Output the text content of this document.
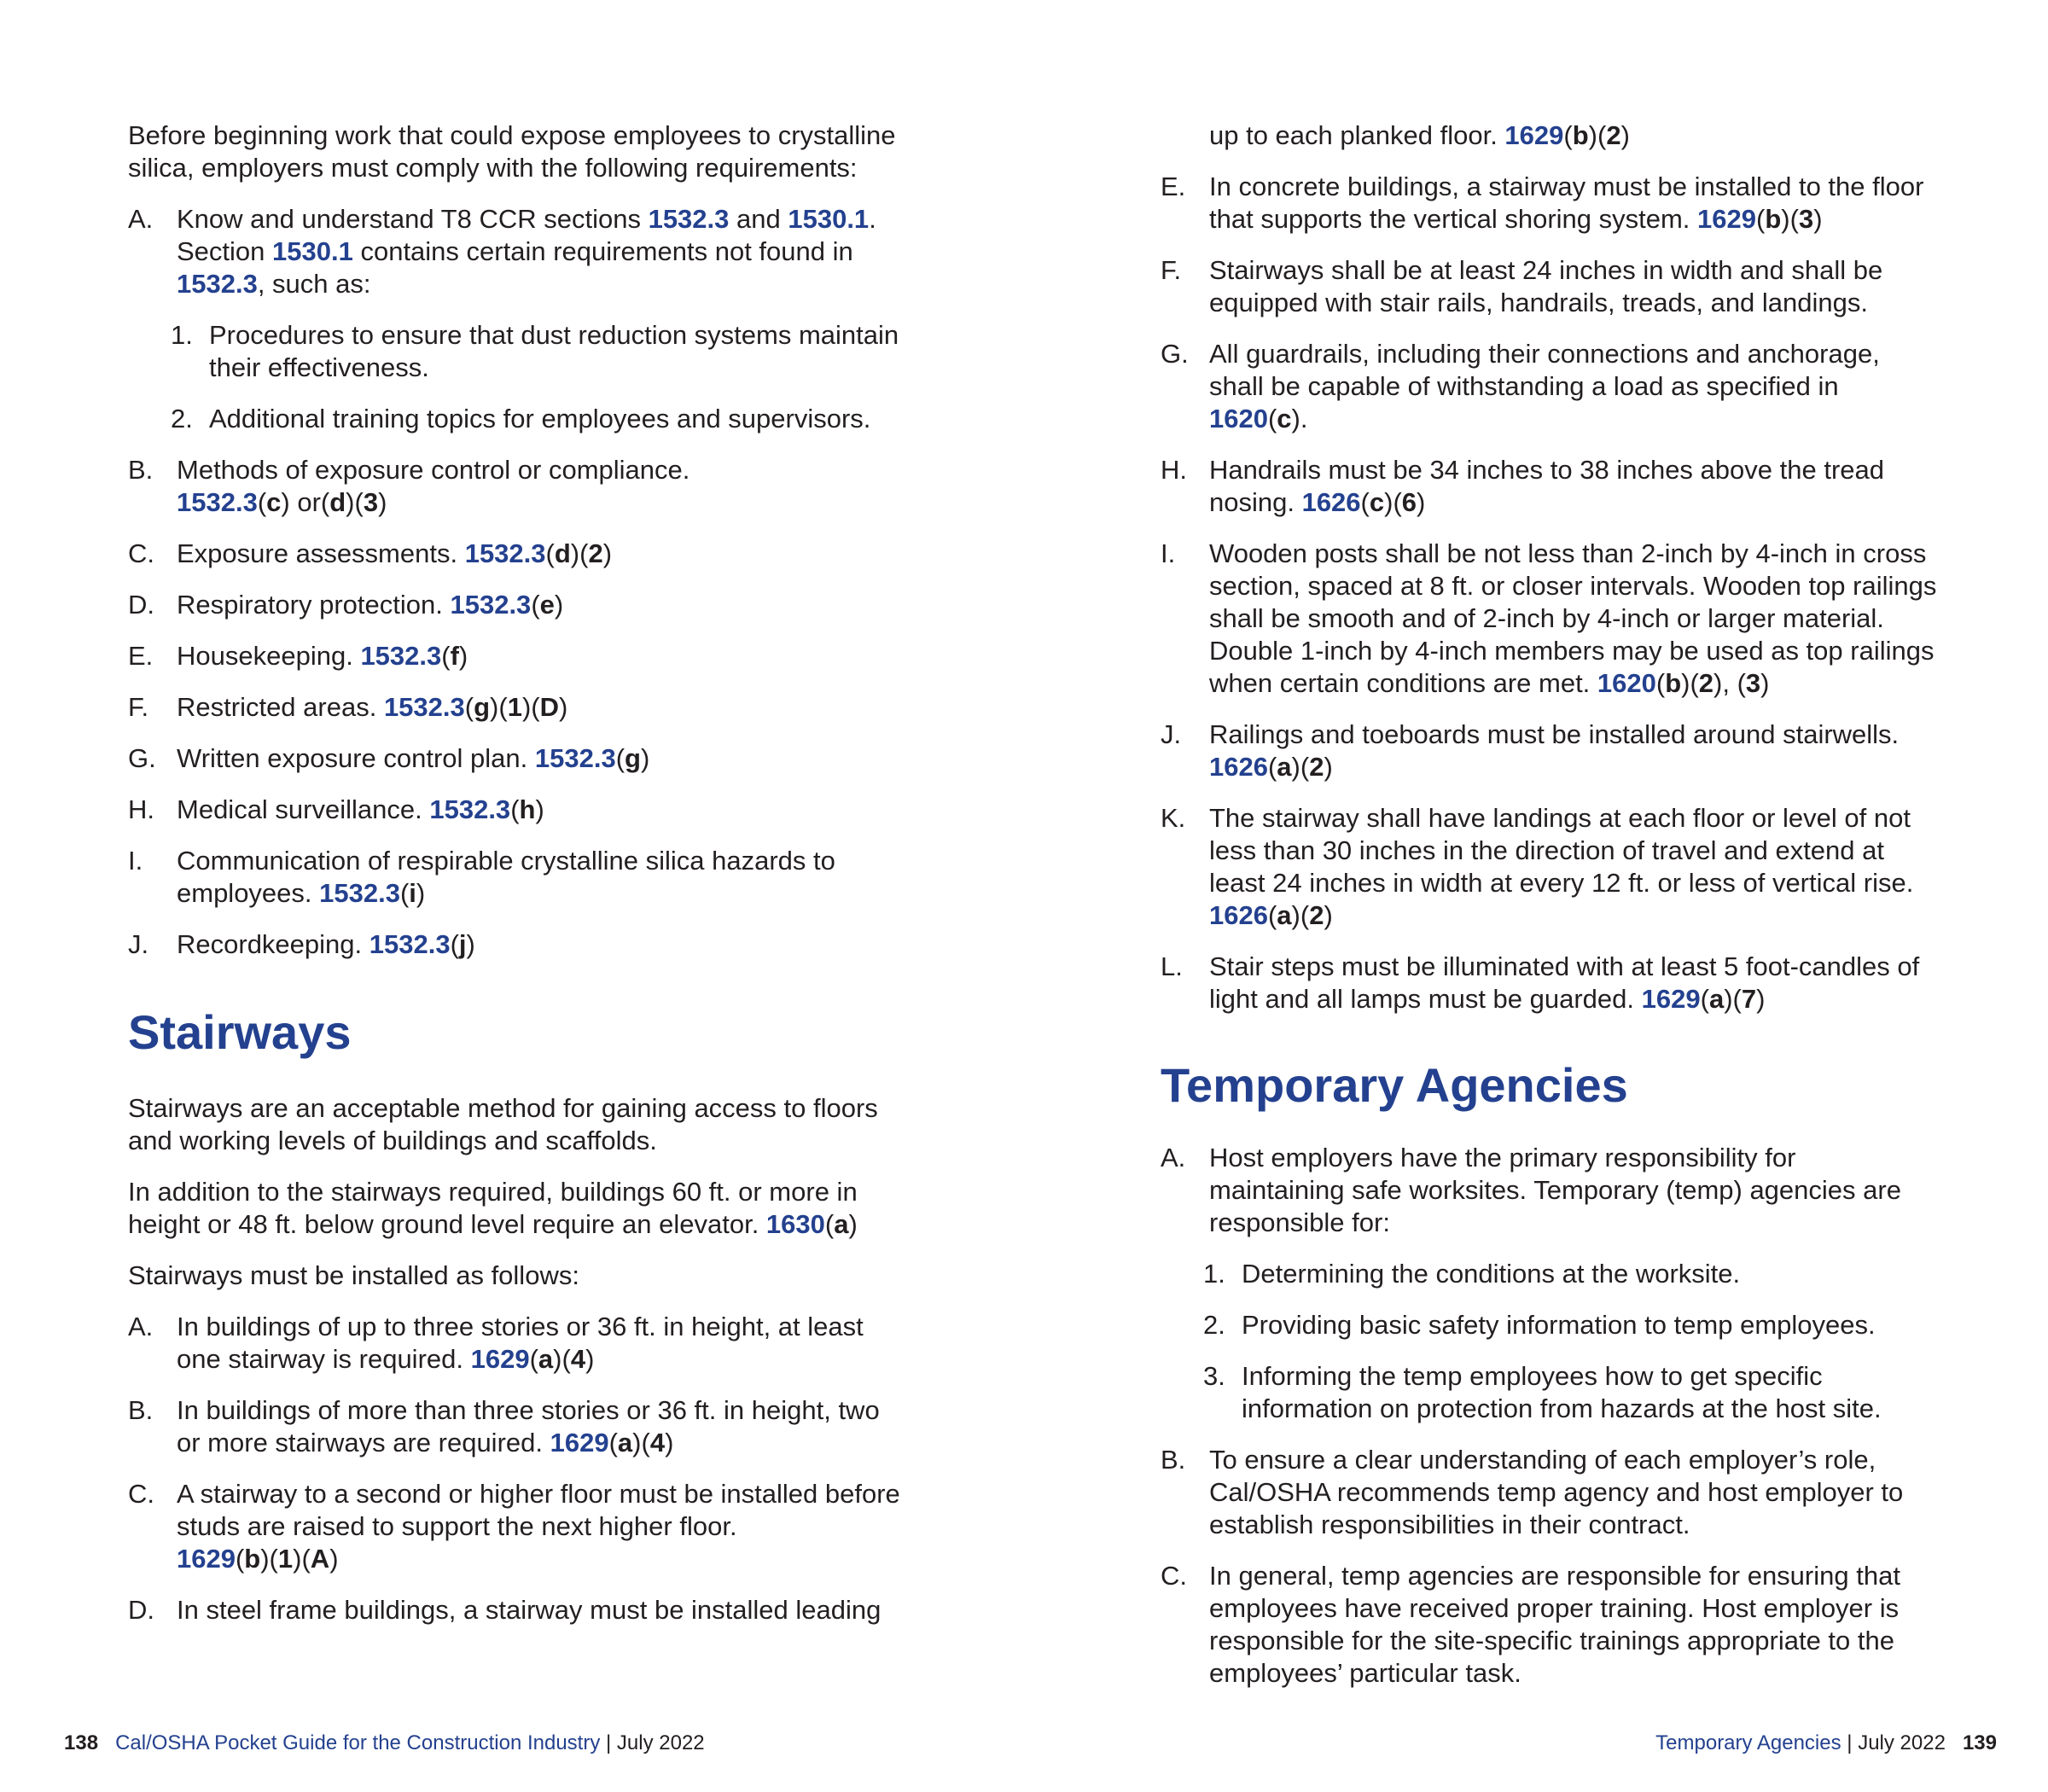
Before beginning work that could expose employees to crystalline silica, employers must comply with the following requirements:

A. Know and understand T8 CCR sections 1532.3 and 1530.1. Section 1530.1 contains certain requirements not found in
1532.3, such as:
1. Procedures to ensure that dust reduction systems maintain their effectiveness.
2. Additional training topics for employees and supervisors.
B. Methods of exposure control or compliance.
1532.3(c) or(d)(3)
C. Exposure assessments. 1532.3(d)(2)
D. Respiratory protection. 1532.3(e)
E. Housekeeping. 1532.3(f)
F.	Restricted areas. 1532.3(g)(1)(D)
G. Written exposure control plan. 1532.3(g)
H. Medical surveillance. 1532.3(h)
I.	Communication of respirable crystalline silica hazards to employees. 1532.3(i)
J.	Recordkeeping. 1532.3(j)
Stairways

Stairways are an acceptable method for gaining access to floors and working levels of buildings and scaffolds.

In addition to the stairways required, buildings 60 ft. or more in height or 48 ft. below ground level require an elevator. 1630(a)

Stairways must be installed as follows:

A. In buildings of up to three stories or 36 ft. in height, at least one stairway is required. 1629(a)(4)
B. In buildings of more than three stories or 36 ft. in height, two or more stairways are required. 1629(a)(4)
C. A stairway to a second or higher floor must be installed before studs are raised to support the next higher floor.
1629(b)(1)(A)
D. In steel frame buildings, a stairway must be installed leading
138 Cal/OSHA Pocket Guide for the Construction Industry | July 2022
up to each planked floor. 1629(b)(2)
E. In concrete buildings, a stairway must be installed to the floor that supports the vertical shoring system. 1629(b)(3)
F.	Stairways shall be at least 24 inches in width and shall be equipped with stair rails, handrails, treads, and landings.
G. All guardrails, including their connections and anchorage, shall be capable of withstanding a load as specified in
1620(c).
H. Handrails must be 34 inches to 38 inches above the tread nosing. 1626(c)(6)
I.	Wooden posts shall be not less than 2-inch by 4-inch in cross section, spaced at 8 ft. or closer intervals. Wooden top railings shall be smooth and of 2-inch by 4-inch or larger material. Double 1-inch by 4-inch members may be used as top railings when certain conditions are met. 1620(b)(2), (3)
J.	Railings and toeboards must be installed around stairwells.
1626(a)(2)
K. The stairway shall have landings at each floor or level of not less than 30 inches in the direction of travel and extend at least 24 inches in width at every 12 ft. or less of vertical rise.
1626(a)(2)
L.	Stair steps must be illuminated with at least 5 foot-candles of light and all lamps must be guarded. 1629(a)(7)
Temporary Agencies
A. Host employers have the primary responsibility for maintaining safe worksites. Temporary (temp) agencies are responsible for:
1. Determining the conditions at the worksite.
2. Providing basic safety information to temp employees.
3. Informing the temp employees how to get specific information on protection from hazards at the host site.
B. To ensure a clear understanding of each employer’s role, Cal/OSHA recommends temp agency and host employer to establish responsibilities in their contract.
C. In general, temp agencies are responsible for ensuring that employees have received proper training. Host employer is responsible for the site-specific trainings appropriate to the employees’ particular task.
Temporary Agencies | July 2022 139
